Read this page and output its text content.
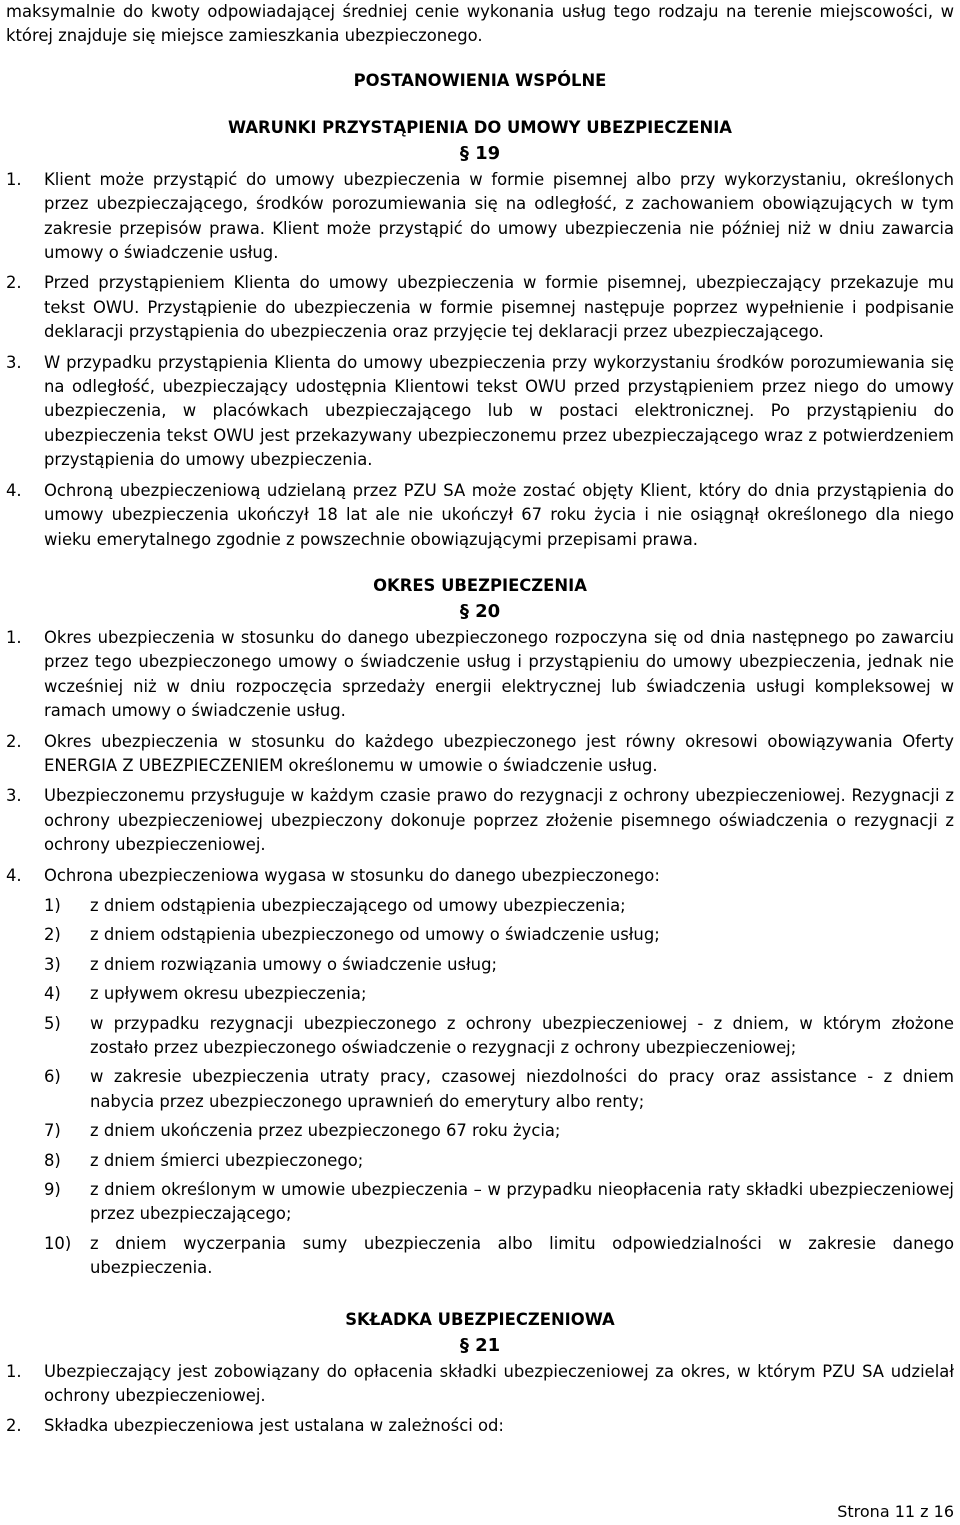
maksymalnie do kwoty odpowiadającej średniej cenie wykonania usług tego rodzaju na terenie miejscowości, w której znajduje się miejsce zamieszkania ubezpieczonego.

POSTANOWIENIA WSPÓLNE

WARUNKI PRZYSTĄPIENIA DO UMOWY UBEZPIECZENIA

§ 19

1.	Klient może przystąpić do umowy ubezpieczenia w formie pisemnej albo przy wykorzystaniu, określonych przez ubezpieczającego, środków porozumiewania się na odległość, z zachowaniem obowiązujących w tym zakresie przepisów prawa. Klient może przystąpić do umowy ubezpieczenia nie później niż w dniu zawarcia umowy o świadczenie usług.
2.	Przed przystąpieniem Klienta do umowy ubezpieczenia w formie pisemnej, ubezpieczający przekazuje mu tekst OWU. Przystąpienie do ubezpieczenia w formie pisemnej następuje poprzez wypełnienie i podpisanie deklaracji przystąpienia do ubezpieczenia oraz przyjęcie tej deklaracji przez ubezpieczającego.
3.	W przypadku przystąpienia Klienta do umowy ubezpieczenia przy wykorzystaniu środków porozumiewania się na odległość, ubezpieczający udostępnia Klientowi tekst OWU przed przystąpieniem przez niego do umowy ubezpieczenia, w placówkach ubezpieczającego lub w postaci elektronicznej. Po przystąpieniu do ubezpieczenia tekst OWU jest przekazywany ubezpieczonemu przez ubezpieczającego wraz z potwierdzeniem przystąpienia do umowy ubezpieczenia.
4.	Ochroną ubezpieczeniową udzielaną przez PZU SA może zostać objęty Klient, który do dnia przystąpienia do umowy ubezpieczenia ukończył 18 lat ale nie ukończył 67 roku życia i nie osiągnął określonego dla niego wieku emerytalnego zgodnie z powszechnie obowiązującymi przepisami prawa.

OKRES UBEZPIECZENIA

§ 20

1.	Okres ubezpieczenia w stosunku do danego ubezpieczonego rozpoczyna się od dnia następnego po zawarciu przez tego ubezpieczonego umowy o świadczenie usług i przystąpieniu do umowy ubezpieczenia, jednak nie wcześniej niż w dniu rozpoczęcia sprzedaży energii elektrycznej lub świadczenia usługi kompleksowej w ramach umowy o świadczenie usług.
2.	Okres ubezpieczenia w stosunku do każdego ubezpieczonego jest równy okresowi obowiązywania Oferty ENERGIA Z UBEZPIECZENIEM określonemu w umowie o świadczenie usług.
3.	Ubezpieczonemu przysługuje w każdym czasie prawo do rezygnacji z ochrony ubezpieczeniowej. Rezygnacji z ochrony ubezpieczeniowej ubezpieczony dokonuje poprzez złożenie pisemnego oświadczenia o rezygnacji z ochrony ubezpieczeniowej.
4.	Ochrona ubezpieczeniowa wygasa w stosunku do danego ubezpieczonego:
1)	z dniem odstąpienia ubezpieczającego od umowy ubezpieczenia;
2)	z dniem odstąpienia ubezpieczonego od umowy o świadczenie usług;
3)	z dniem rozwiązania umowy o świadczenie usług;
4)	z upływem okresu ubezpieczenia;
5)	w przypadku rezygnacji ubezpieczonego z ochrony ubezpieczeniowej - z dniem, w którym złożone zostało przez ubezpieczonego oświadczenie o rezygnacji z ochrony ubezpieczeniowej;
6)	w zakresie ubezpieczenia utraty pracy, czasowej niezdolności do pracy oraz assistance - z dniem nabycia przez ubezpieczonego uprawnień do emerytury albo renty;
7)	z dniem ukończenia przez ubezpieczonego 67 roku życia;
8)	z dniem śmierci ubezpieczonego;
9)	z dniem określonym w umowie ubezpieczenia – w przypadku nieopłacenia raty składki ubezpieczeniowej przez ubezpieczającego;
10)	z dniem wyczerpania sumy ubezpieczenia albo limitu odpowiedzialności w zakresie danego ubezpieczenia.

SKŁADKA UBEZPIECZENIOWA

§ 21

1.	Ubezpieczający jest zobowiązany do opłacenia składki ubezpieczeniowej za okres, w którym PZU SA udzielał ochrony ubezpieczeniowej.
2.	Składka ubezpieczeniowa jest ustalana w zależności od:
Strona 11 z 16
